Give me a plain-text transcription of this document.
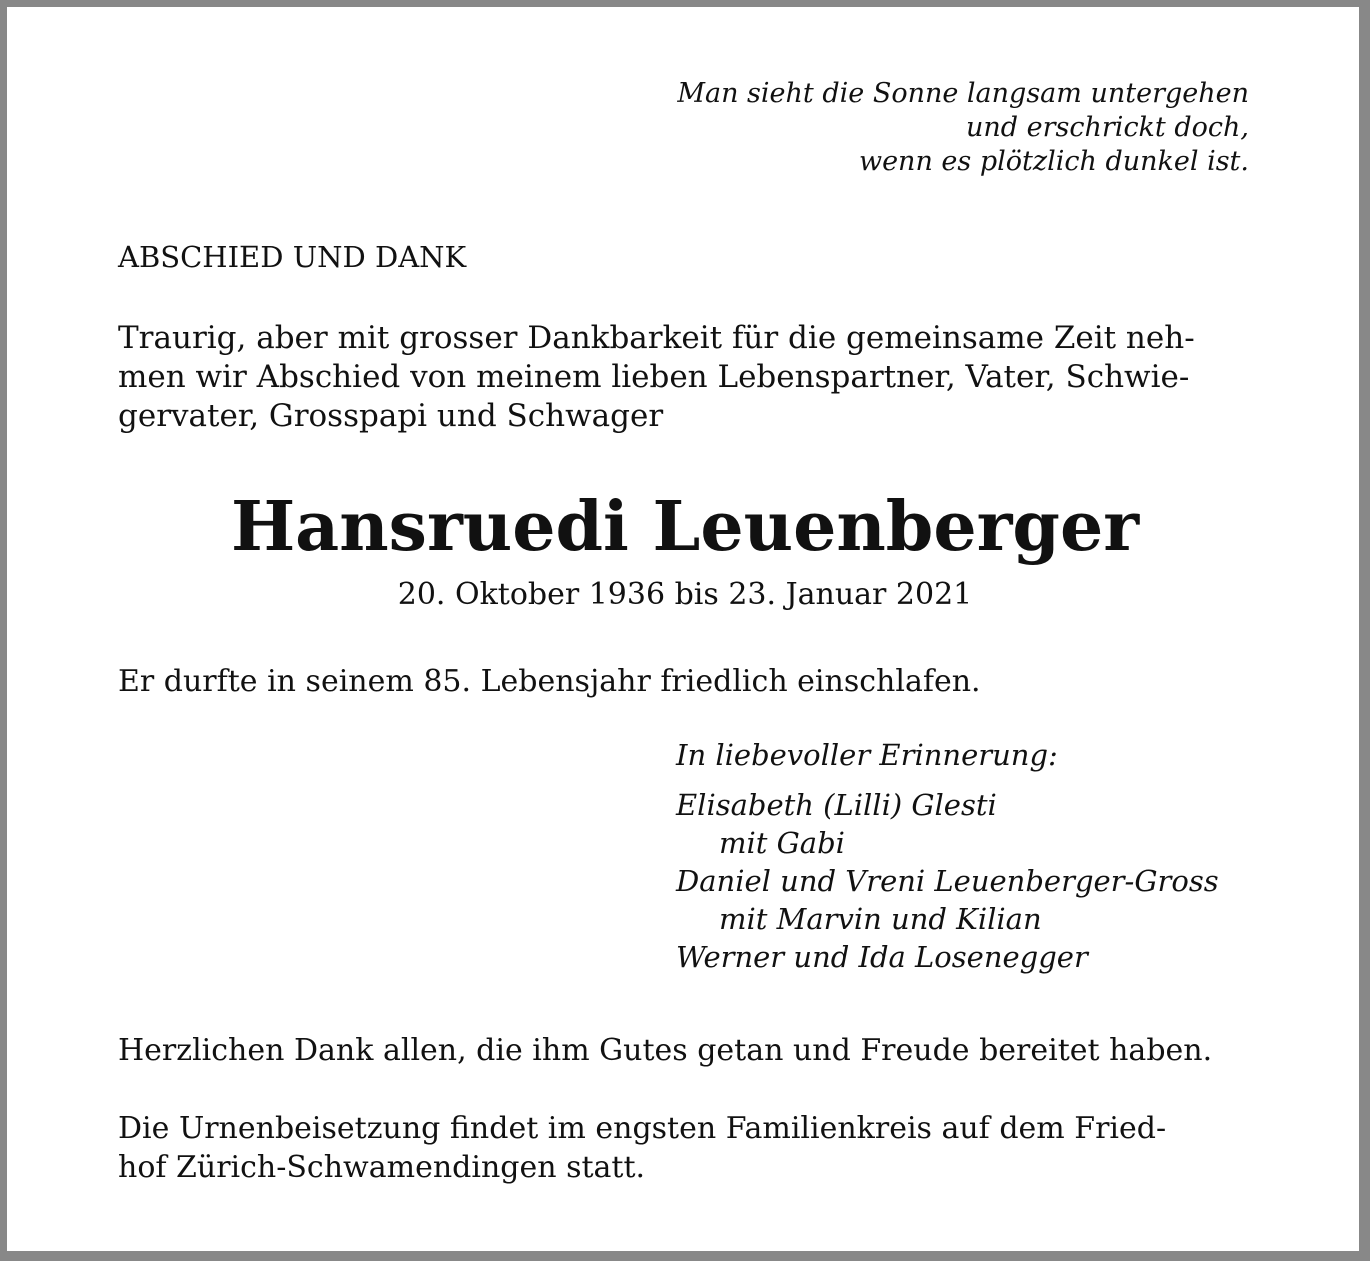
Man sieht die Sonne langsam untergehen
und erschrickt doch,
wenn es plötzlich dunkel ist.

ABSCHIED UND DANK

Traurig, aber mit grosser Dankbarkeit für die gemeinsame Zeit neh-
men wir Abschied von meinem lieben Lebenspartner, Vater, Schwie-
gervater, Grosspapi und Schwager

Hansruedi Leuenberger

20. Oktober 1936 bis 23. Januar 2021

Er durfte in seinem 85. Lebensjahr friedlich einschlafen.

In liebevoller Erinnerung:

Elisabeth (Lilli) Glesti
mit Gabi
Daniel und Vreni Leuenberger-Gross
mit Marvin und Kilian
Werner und Ida Losenegger

Herzlichen Dank allen, die ihm Gutes getan und Freude bereitet haben.

Die Urnenbeisetzung findet im engsten Familienkreis auf dem Fried-
hof Zürich-Schwamendingen statt.
